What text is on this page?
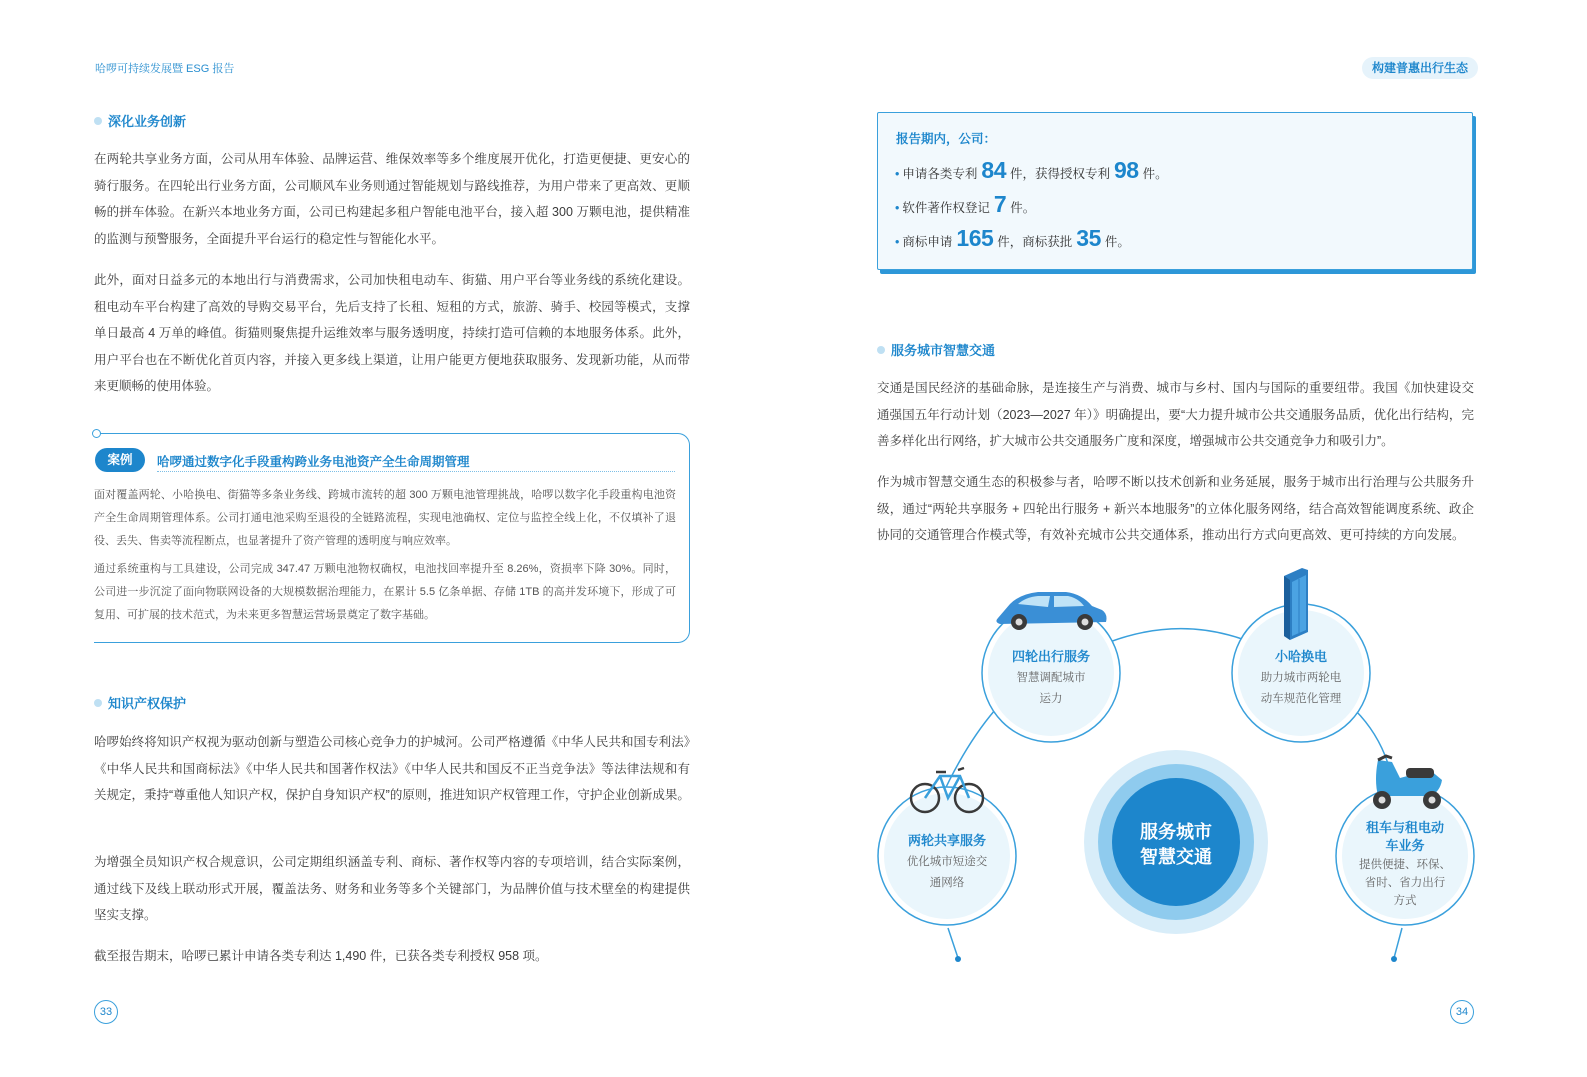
哈啰可持续发展暨 ESG 报告	构建普惠出行生态
深化业务创新

在两轮共享业务方面，公司从用车体验、品牌运营、维保效率等多个维度展开优化，打造更便捷、更安心的骑行服务。在四轮出行业务方面，公司顺风车业务则通过智能规划与路线推荐，为用户带来了更高效、更顺畅的拼车体验。在新兴本地业务方面，公司已构建起多租户智能电池平台，接入超 300 万颗电池，提供精准的监测与预警服务，全面提升平台运行的稳定性与智能化水平。

此外，面对日益多元的本地出行与消费需求，公司加快租电动车、街猫、用户平台等业务线的系统化建设。租电动车平台构建了高效的导购交易平台，先后支持了长租、短租的方式，旅游、骑手、校园等模式，支撑单日最高 4 万单的峰值。街猫则聚焦提升运维效率与服务透明度，持续打造可信赖的本地服务体系。此外，用户平台也在不断优化首页内容，并接入更多线上渠道，让用户能更方便地获取服务、发现新功能，从而带来更顺畅的使用体验。

案例	哈啰通过数字化手段重构跨业务电池资产全生命周期管理

面对覆盖两轮、小哈换电、街猫等多条业务线、跨城市流转的超 300 万颗电池管理挑战，哈啰以数字化手段重构电池资产全生命周期管理体系。公司打通电池采购至退役的全链路流程，实现电池确权、定位与监控全线上化，不仅填补了退役、丢失、售卖等流程断点，也显著提升了资产管理的透明度与响应效率。

通过系统重构与工具建设，公司完成 347.47 万颗电池物权确权，电池找回率提升至 8.26%，资损率下降 30%。同时，公司进一步沉淀了面向物联网设备的大规模数据治理能力，在累计 5.5 亿条单据、存储 1TB 的高并发环境下，形成了可复用、可扩展的技术范式，为未来更多智慧运营场景奠定了数字基础。

知识产权保护

哈啰始终将知识产权视为驱动创新与塑造公司核心竞争力的护城河。公司严格遵循《中华人民共和国专利法》《中华人民共和国商标法》《中华人民共和国著作权法》《中华人民共和国反不正当竞争法》等法律法规和有关规定，秉持“尊重他人知识产权，保护自身知识产权”的原则，推进知识产权管理工作，守护企业创新成果。

为增强全员知识产权合规意识，公司定期组织涵盖专利、商标、著作权等内容的专项培训，结合实际案例，通过线下及线上联动形式开展，覆盖法务、财务和业务等多个关键部门，为品牌价值与技术壁垒的构建提供坚实支撑。

截至报告期末，哈啰已累计申请各类专利达 1,490 件，已获各类专利授权 958 项。

33
报告期内，公司：
• 申请各类专利 84 件，获得授权专利 98 件。
• 软件著作权登记 7 件。
• 商标申请 165 件，商标获批 35 件。
服务城市智慧交通

交通是国民经济的基础命脉，是连接生产与消费、城市与乡村、国内与国际的重要纽带。我国《加快建设交通强国五年行动计划（2023—2027 年）》明确提出，要“大力提升城市公共交通服务品质，优化出行结构，完善多样化出行网络，扩大城市公共交通服务广度和深度，增强城市公共交通竞争力和吸引力”。

作为城市智慧交通生态的积极参与者，哈啰不断以技术创新和业务延展，服务于城市出行治理与公共服务升级，通过“两轮共享服务 + 四轮出行服务 + 新兴本地服务”的立体化服务网络，结合高效智能调度系统、政企协同的交通管理合作模式等，有效补充城市公共交通体系，推动出行方式向更高效、更可持续的方向发展。

服务城市
智慧交通
四轮出行服务
智慧调配城市
运力
小哈换电
助力城市两轮电
动车规范化管理
两轮共享服务
优化城市短途交
通网络
租车与租电动
车业务
提供便捷、环保、
省时、省力出行
方式
34
